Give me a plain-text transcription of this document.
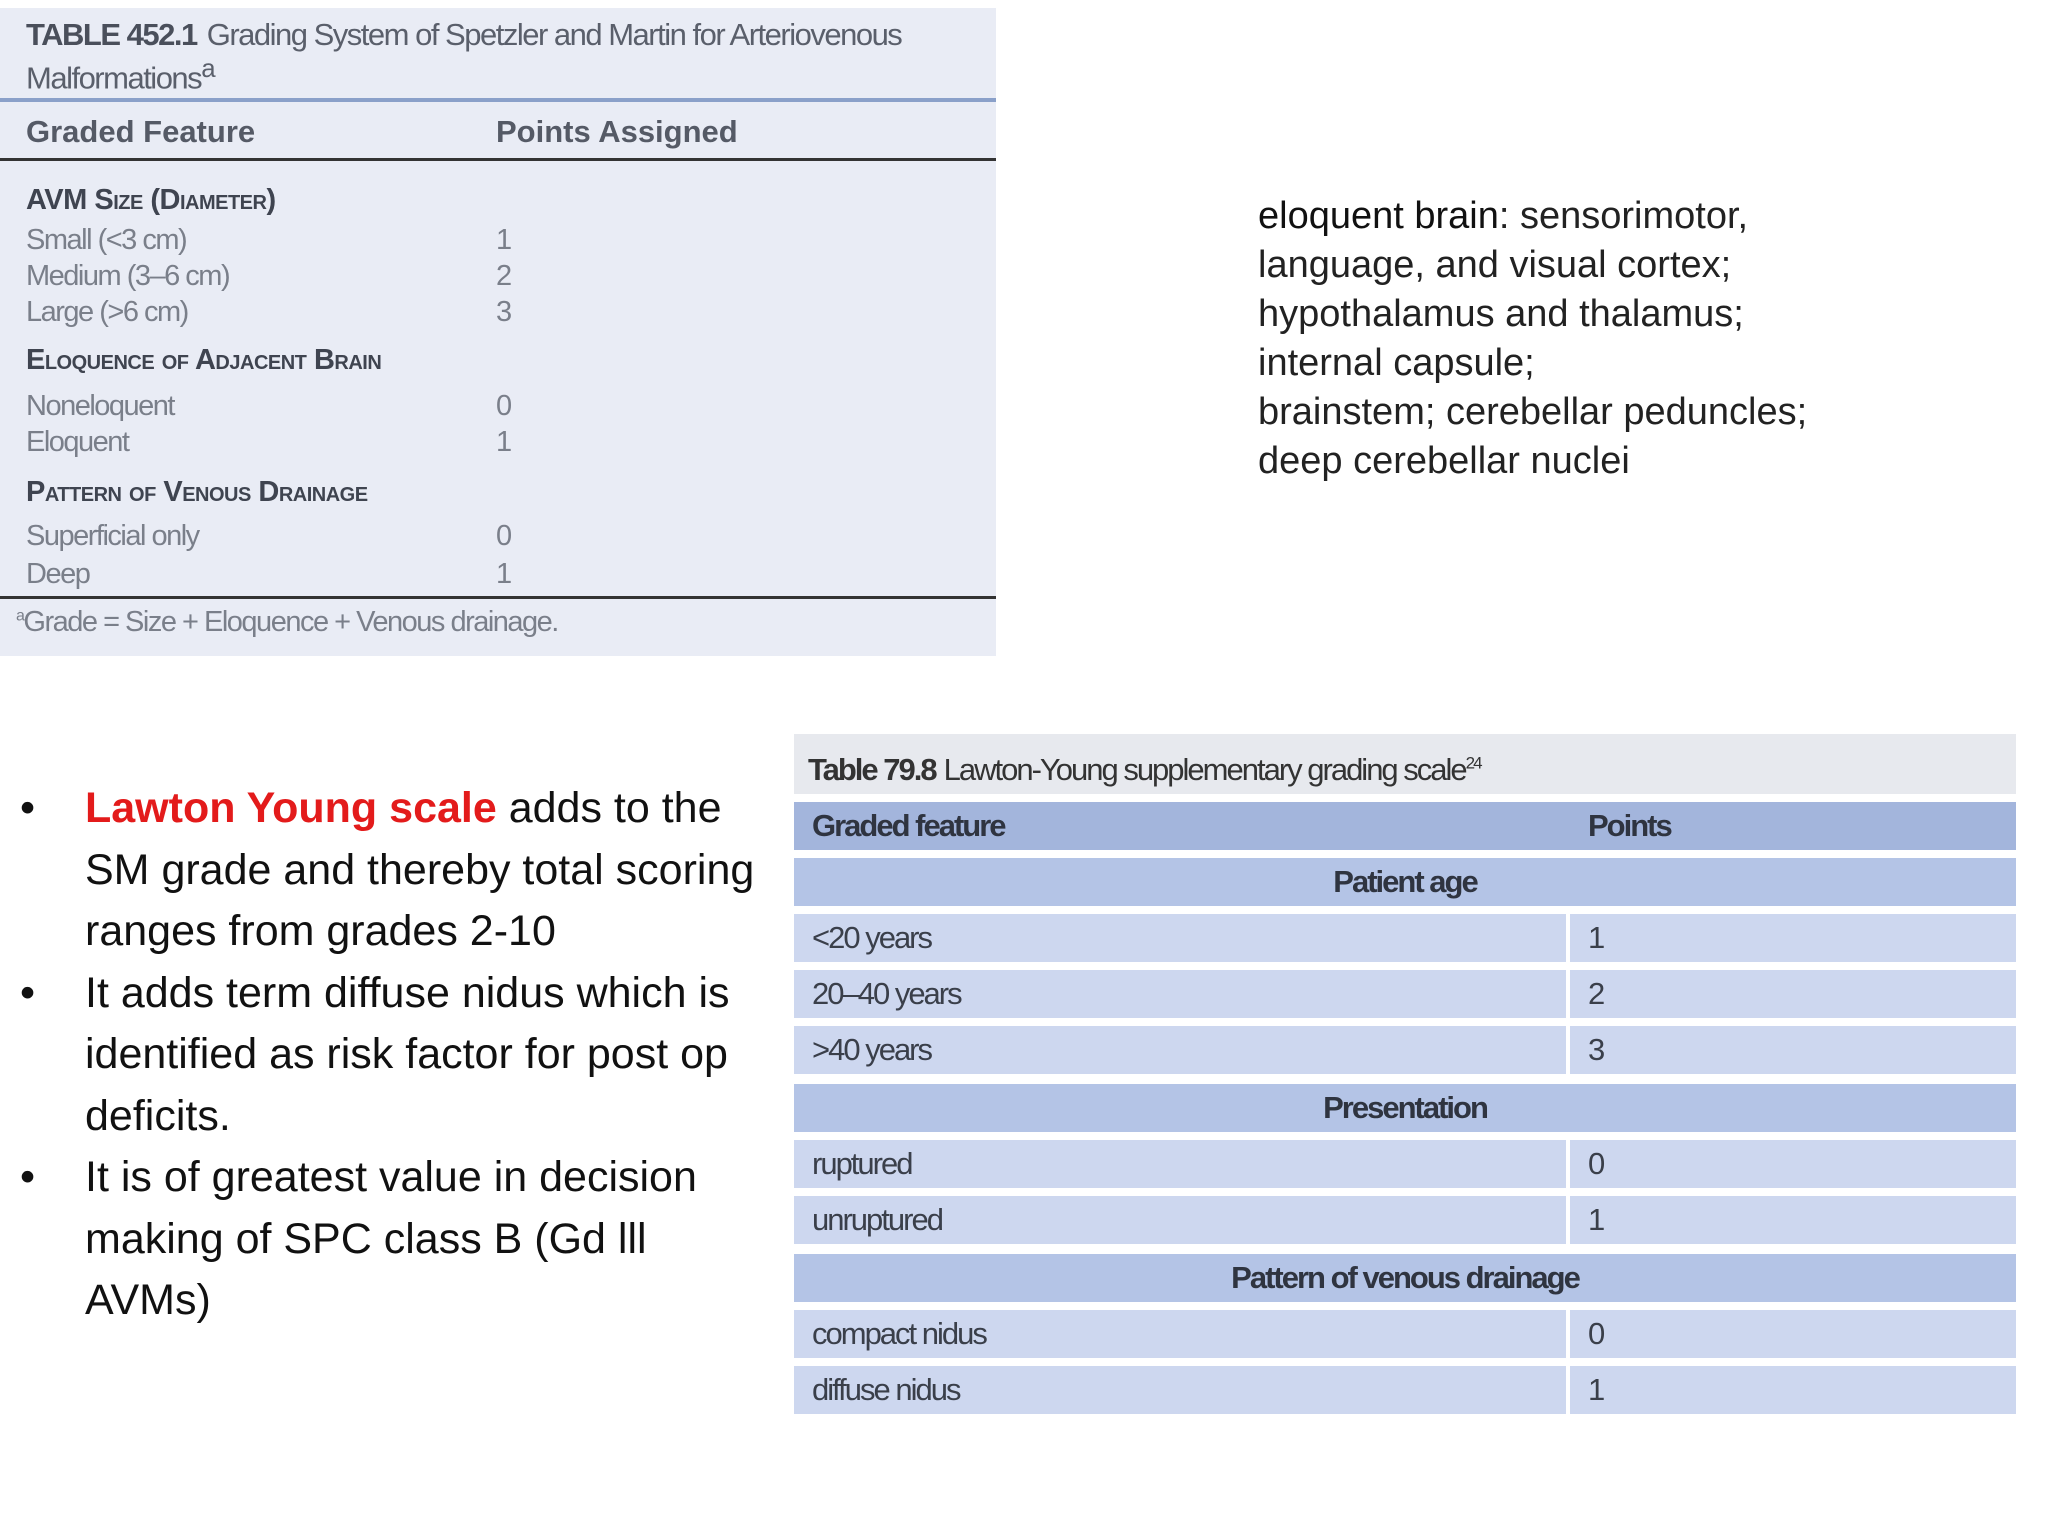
TABLE 452.1 Grading System of Spetzler and Martin for Arteriovenous Malformations$^a$
Graded Feature	Points Assigned
AVM Size (Diameter)
Small (<3 cm)	1
Medium (3–6 cm)	2
Large (>6 cm)	3
Eloquence of Adjacent Brain
Noneloquent	0
Eloquent	1
Pattern of Venous Drainage
Superficial only	0
Deep	1
$^a$Grade = Size + Eloquence + Venous drainage.
eloquent brain: sensorimotor,
language, and visual cortex;
hypothalamus and thalamus;
internal capsule;
brainstem; cerebellar peduncles;
deep cerebellar nuclei
• Lawton Young scale adds to the SM grade and thereby total scoring ranges from grades 2-10
• It adds term diffuse nidus which is identified as risk factor for post op deficits.
• It is of greatest value in decision making of SPC class B (Gd lll AVMs)
Table 79.8 Lawton-Young supplementary grading scale$^{24}$
Graded feature	Points
Patient age
<20 years	1
20–40 years	2
>40 years	3
Presentation
ruptured	0
unruptured	1
Pattern of venous drainage
compact nidus	0
diffuse nidus	1
